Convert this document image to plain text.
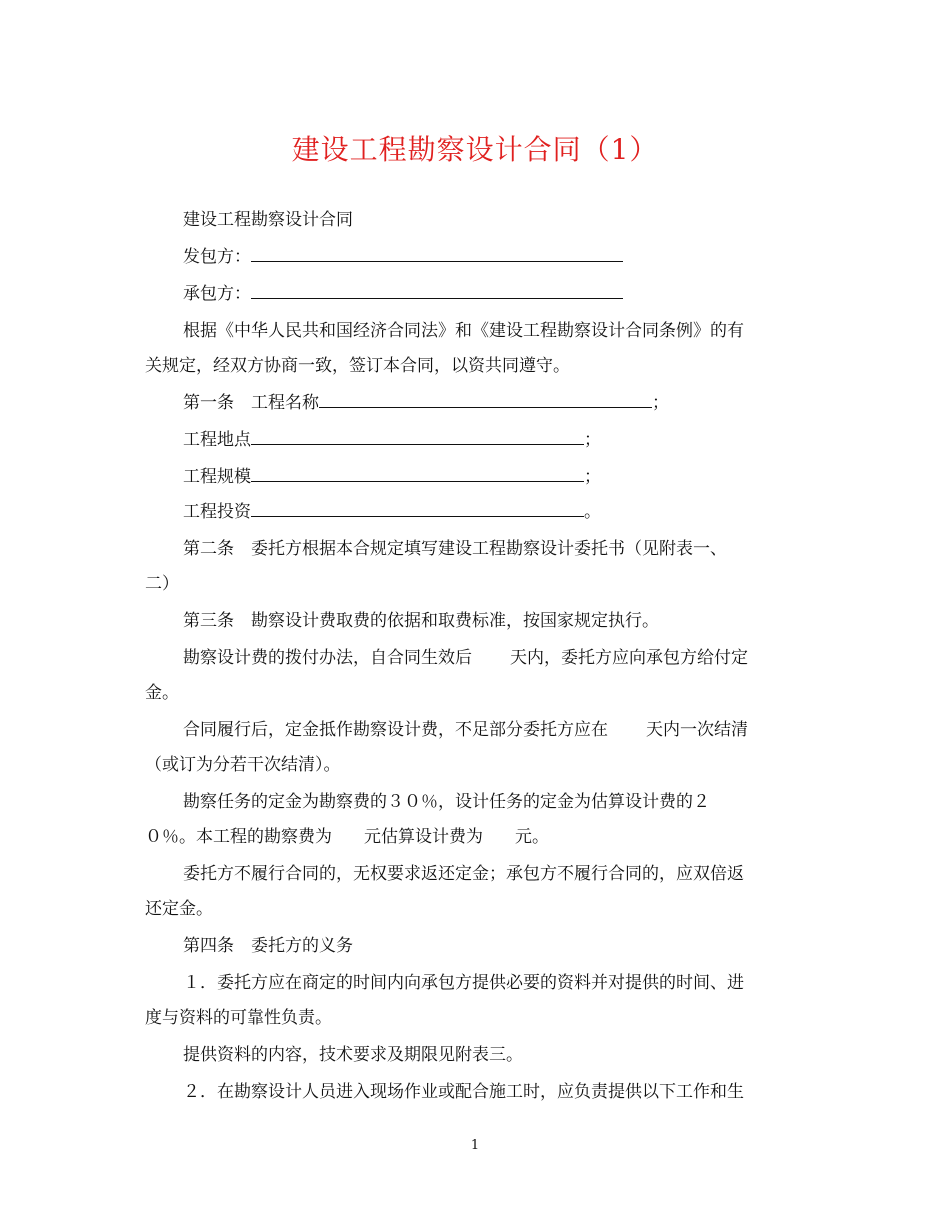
建设工程勘察设计合同（1）
建设工程勘察设计合同
发包方：
承包方：
根据《中华人民共和国经济合同法》和《建设工程勘察设计合同条例》的有
关规定，经双方协商一致，签订本合同，以资共同遵守。
第一条　工程名称	；
工程地点	；
工程规模	；
工程投资	。
第二条　委托方根据本合规定填写建设工程勘察设计委托书（见附表一、
二）
第三条　勘察设计费取费的依据和取费标准，按国家规定执行。
勘察设计费的拨付办法，自合同生效后 天内，委托方应向承包方给付定
金。
合同履行后，定金抵作勘察设计费，不足部分委托方应在 天内一次结清
（或订为分若干次结清）。
勘察任务的定金为勘察费的３０％，设计任务的定金为估算设计费的２
０％。本工程的勘察费为 元估算设计费为 元。
委托方不履行合同的，无权要求返还定金；承包方不履行合同的，应双倍返
还定金。
第四条　委托方的义务
１．委托方应在商定的时间内向承包方提供必要的资料并对提供的时间、进
度与资料的可靠性负责。
提供资料的内容，技术要求及期限见附表三。
２．在勘察设计人员进入现场作业或配合施工时，应负责提供以下工作和生
1
